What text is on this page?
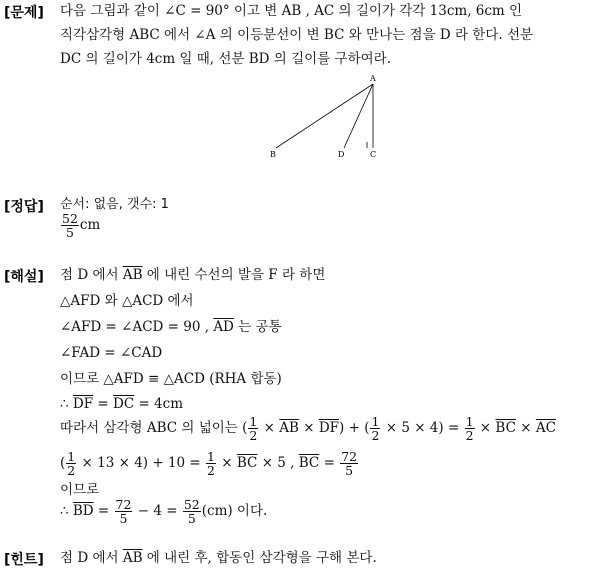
[문제] 다음 그림과 같이 ∠C = 90° 이고 변 AB , AC 의 길이가 각각 13cm, 6cm 인
직각삼각형 ABC 에서 ∠A 의 이등분선이 변 BC 와 만나는 점을 D 라 한다. 선분
DC 의 길이가 4cm 일 때, 선분 BD 의 길이를 구하여라.
A
B	D	C
[정답] 순서: 없음, 갯수: 1
$\frac{52}{5}$ cm
[해설] 점 D 에서 $\overline{AB}$ 에 내린 수선의 발을 F 라 하면
△AFD 와 △ACD 에서
∠AFD = ∠ACD = 90 , $\overline{AD}$ 는 공통
∠FAD = ∠CAD
이므로 △AFD ≡ △ACD (RHA 합동)
∴ $\overline{DF} = \overline{DC} = 4cm$
따라서 삼각형 ABC 의 넓이는 ( $\frac{1}{2} \times \overline{AB} \times \overline{DF}$) + ( $\frac{1}{2} \times 5 \times 4) = \frac{1}{2} \times \overline{BC} \times \overline{AC}$
( $\frac{1}{2} \times 13 \times 4) + 10 = \frac{1}{2} \times \overline{BC} \times 5$ , $\overline{BC} = \frac{72}{5}$
이므로
∴ $\overline{BD} = \frac{72}{5} - 4 = \frac{52}{5} (cm)$ 이다.
[힌트] 점 D 에서 $\overline{AB}$ 에 내린 후, 합동인 삼각형을 구해 본다.
